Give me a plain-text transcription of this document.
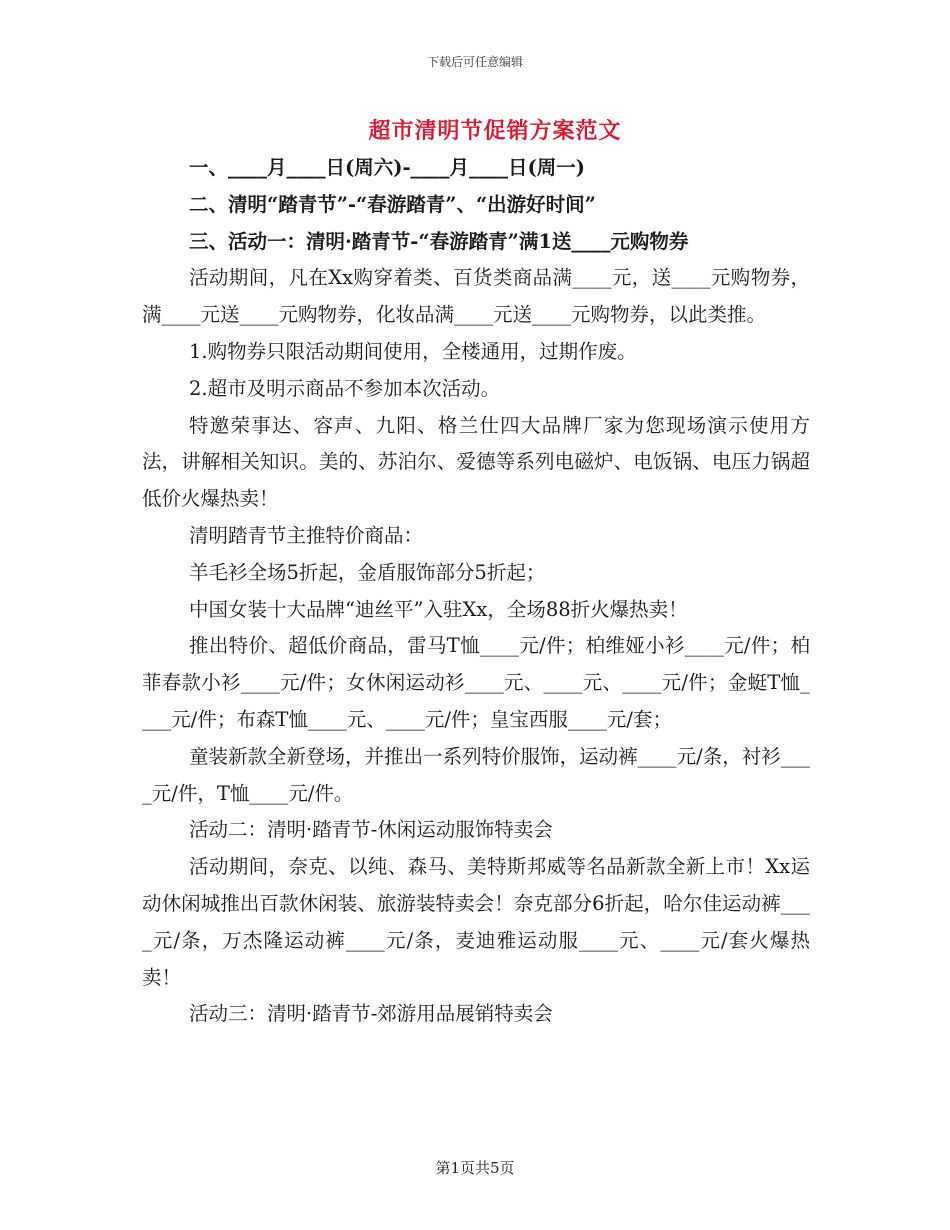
下载后可任意编辑
超市清明节促销方案范文

一、____月____日(周六)-____月____日(周一)

二、清明“踏青节”-“春游踏青”、“出游好时间”

三、活动一：清明·踏青节-“春游踏青”满1送____元购物券

活动期间，凡在Xx购穿着类、百货类商品满____元，送____元购物券，满____元送____元购物券，化妆品满____元送____元购物券，以此类推。

1.购物券只限活动期间使用，全楼通用，过期作废。

2.超市及明示商品不参加本次活动。

特邀荣事达、容声、九阳、格兰仕四大品牌厂家为您现场演示使用方法，讲解相关知识。美的、苏泊尔、爱德等系列电磁炉、电饭锅、电压力锅超低价火爆热卖！

清明踏青节主推特价商品：

羊毛衫全场5折起，金盾服饰部分5折起；

中国女装十大品牌“迪丝平”入驻Xx，全场88折火爆热卖！

推出特价、超低价商品，雷马T恤____元/件；柏维娅小衫____元/件；柏菲春款小衫____元/件；女休闲运动衫____元、____元、____元/件；金蜓T恤____元/件；布森T恤____元、____元/件；皇宝西服____元/套；

童装新款全新登场，并推出一系列特价服饰，运动裤____元/条，衬衫____元/件，T恤____元/件。

活动二：清明·踏青节-休闲运动服饰特卖会

活动期间，奈克、以纯、森马、美特斯邦威等名品新款全新上市！Xx运动休闲城推出百款休闲装、旅游装特卖会！奈克部分6折起，哈尔佳运动裤____元/条，万杰隆运动裤____元/条，麦迪雅运动服____元、____元/套火爆热卖！

活动三：清明·踏青节-郊游用品展销特卖会

第1页共5页
